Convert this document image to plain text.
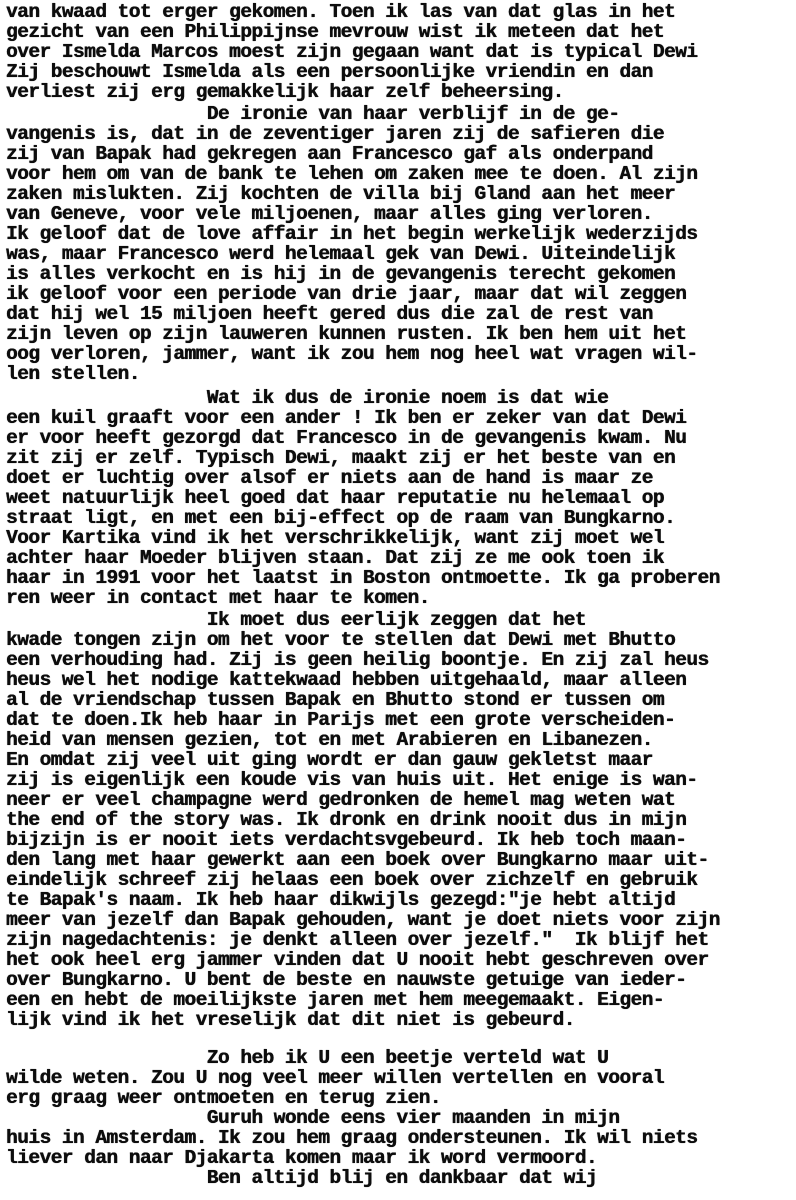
van kwaad tot erger gekomen. Toen ik las van dat glas in het
gezicht van een Philippijnse mevrouw wist ik meteen dat het
over Ismelda Marcos moest zijn gegaan want dat is typical Dewi
Zij beschouwt Ismelda als een persoonlijke vriendin en dan
verliest zij erg gemakkelijk haar zelf beheersing.
De ironie van haar verblijf in de ge-
vangenis is, dat in de zeventiger jaren zij de safieren die
zij van Bapak had gekregen aan Francesco gaf als onderpand
voor hem om van de bank te lehen om zaken mee te doen. Al zijn
zaken mislukten. Zij kochten de villa bij Gland aan het meer
van Geneve, voor vele miljoenen, maar alles ging verloren.
Ik geloof dat de love affair in het begin werkelijk wederzijds
was, maar Francesco werd helemaal gek van Dewi. Uiteindelijk
is alles verkocht en is hij in de gevangenis terecht gekomen
ik geloof voor een periode van drie jaar, maar dat wil zeggen
dat hij wel 15 miljoen heeft gered dus die zal de rest van
zijn leven op zijn lauweren kunnen rusten. Ik ben hem uit het
oog verloren, jammer, want ik zou hem nog heel wat vragen wil-
len stellen.
Wat ik dus de ironie noem is dat wie
een kuil graaft voor een ander ! Ik ben er zeker van dat Dewi
er voor heeft gezorgd dat Francesco in de gevangenis kwam. Nu
zit zij er zelf. Typisch Dewi, maakt zij er het beste van en
doet er luchtig over alsof er niets aan de hand is maar ze
weet natuurlijk heel goed dat haar reputatie nu helemaal op
straat ligt, en met een bij-effect op de raam van Bungkarno.
Voor Kartika vind ik het verschrikkelijk, want zij moet wel
achter haar Moeder blijven staan. Dat zij ze me ook toen ik
haar in 1991 voor het laatst in Boston ontmoette. Ik ga proberen
ren weer in contact met haar te komen.
Ik moet dus eerlijk zeggen dat het
kwade tongen zijn om het voor te stellen dat Dewi met Bhutto
een verhouding had. Zij is geen heilig boontje. En zij zal heus
heus wel het nodige kattekwaad hebben uitgehaald, maar alleen
al de vriendschap tussen Bapak en Bhutto stond er tussen om
dat te doen.Ik heb haar in Parijs met een grote verscheiden-
heid van mensen gezien, tot en met Arabieren en Libanezen.
En omdat zij veel uit ging wordt er dan gauw gekletst maar
zij is eigenlijk een koude vis van huis uit. Het enige is wan-
neer er veel champagne werd gedronken de hemel mag weten wat
the end of the story was. Ik dronk en drink nooit dus in mijn
bijzijn is er nooit iets verdachtsvgebeurd. Ik heb toch maan-
den lang met haar gewerkt aan een boek over Bungkarno maar uit-
eindelijk schreef zij helaas een boek over zichzelf en gebruik
te Bapak's naam. Ik heb haar dikwijls gezegd:"je hebt altijd
meer van jezelf dan Bapak gehouden, want je doet niets voor zijn
zijn nagedachtenis: je denkt alleen over jezelf."  Ik blijf het
het ook heel erg jammer vinden dat U nooit hebt geschreven over
over Bungkarno. U bent de beste en nauwste getuige van ieder-
een en hebt de moeilijkste jaren met hem meegemaakt. Eigen-
lijk vind ik het vreselijk dat dit niet is gebeurd.
Zo heb ik U een beetje verteld wat U
wilde weten. Zou U nog veel meer willen vertellen en vooral
erg graag weer ontmoeten en terug zien.
Guruh wonde eens vier maanden in mijn
huis in Amsterdam. Ik zou hem graag ondersteunen. Ik wil niets
liever dan naar Djakarta komen maar ik word vermoord.
Ben altijd blij en dankbaar dat wij
